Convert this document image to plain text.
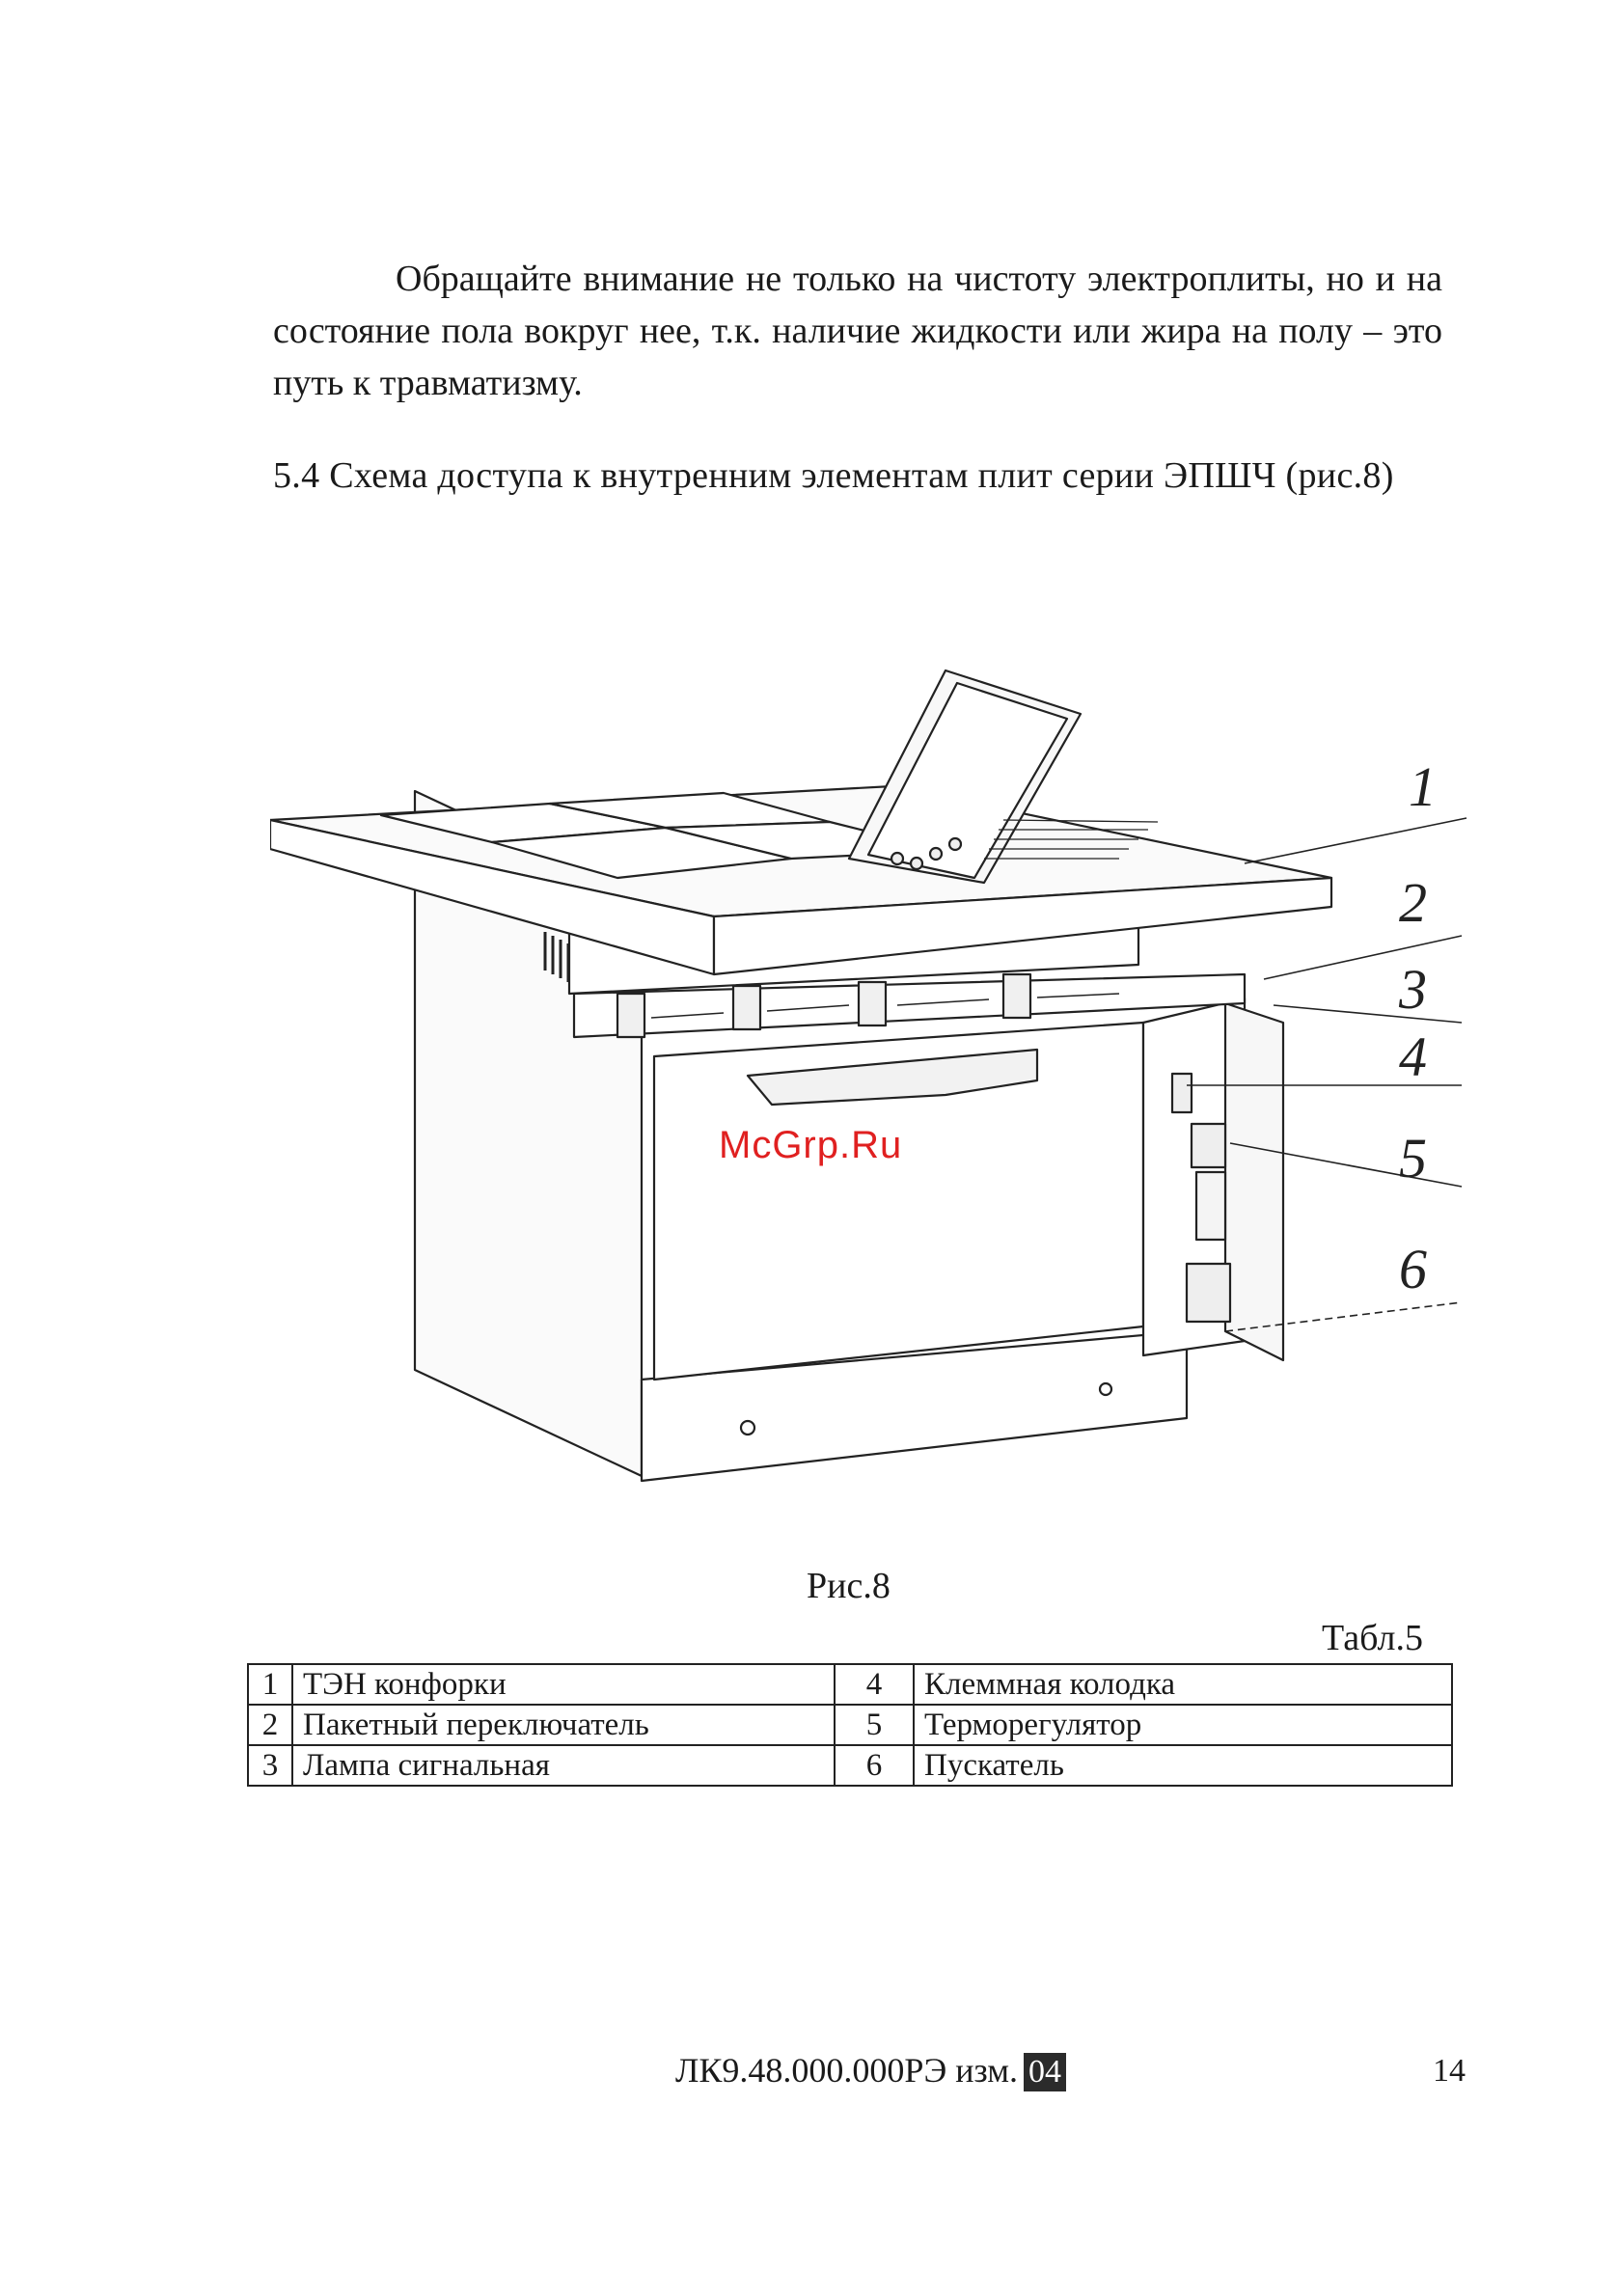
Обращайте внимание не только на чистоту электроплиты, но и на состояние пола вокруг нее, т.к. наличие жидкости или жира на полу – это путь к травматизму.

5.4 Схема доступа к внутренним элементам плит серии ЭПШЧ (рис.8)

1
2
3
4
5
6
McGrp.Ru
Рис.8
Табл.5
1	ТЭН конфорки	4	Клеммная колодка
2	Пакетный переключатель	5	Терморегулятор
3	Лампа сигнальная	6	Пускатель
ЛК9.48.000.000РЭ изм. 04	14
